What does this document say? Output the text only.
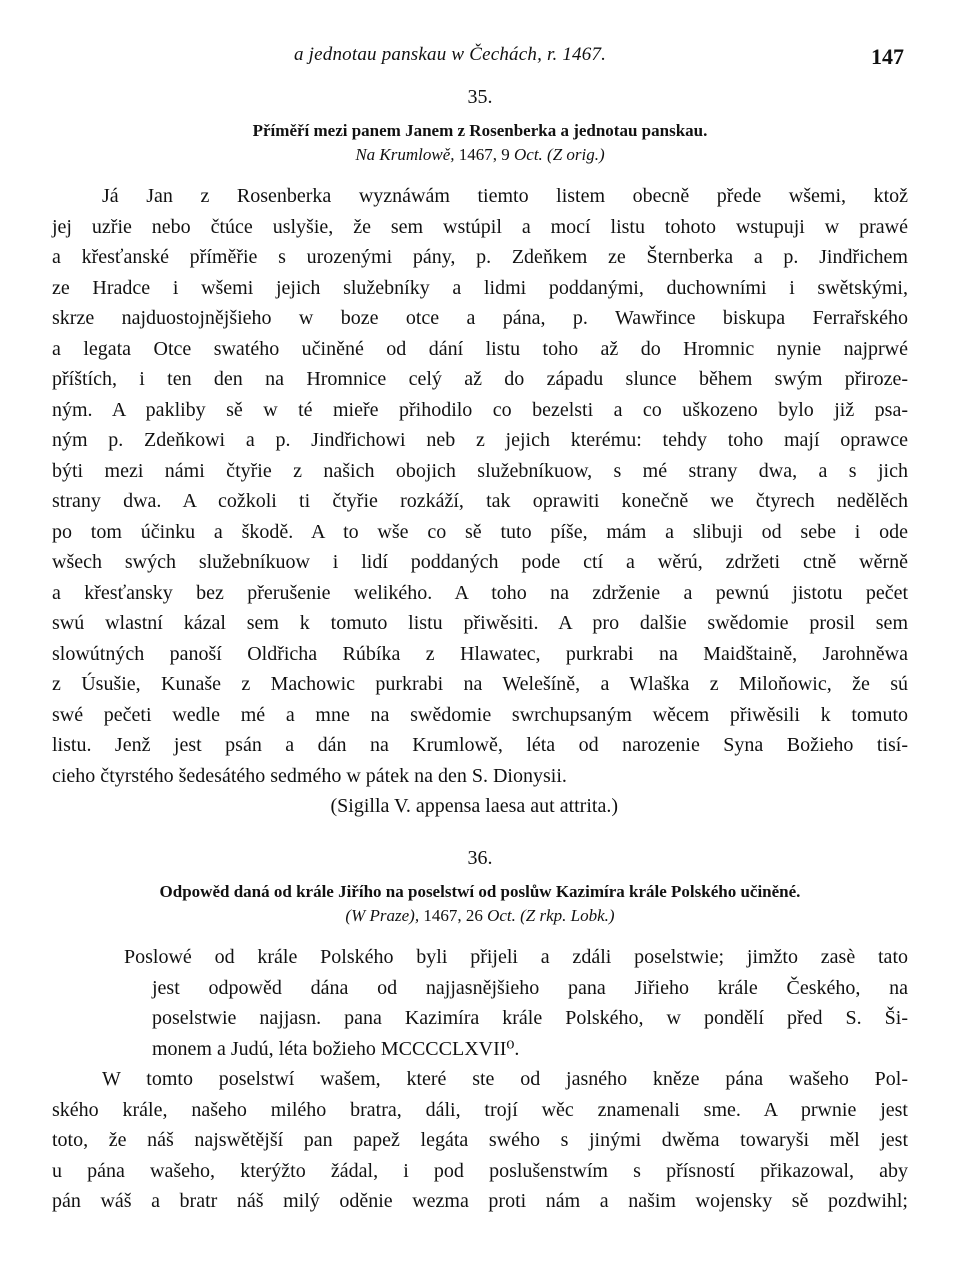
a jednotau panskau w Čechách, r. 1467.	147
35.
Příměří mezi panem Janem z Rosenberka a jednotau panskau.
Na Krumlowě, 1467, 9 Oct. (Z orig.)
Já Jan z Rosenberka wyznáwám tiemto listem obecně přede wšemi, ktož
jej uzřie nebo čtúce uslyšie, že sem wstúpil a mocí listu tohoto wstupuji w prawé
a křesťanské příměřie s urozenými pány, p. Zdeňkem ze Šternberka a p. Jindřichem
ze Hradce i wšemi jejich služebníky a lidmi poddanými, duchowními i swětskými,
skrze najduostojnějšieho w boze otce a pána, p. Wawřince biskupa Ferrařského
a legata Otce swatého učiněné od dání listu toho až do Hromnic nynie najprwé
příštích, i ten den na Hromnice celý až do západu slunce během swým přiroze-
ným. A pakliby sě w té mieře přihodilo co bezelsti a co uškozeno bylo již psa-
ným p. Zdeňkowi a p. Jindřichowi neb z jejich kterému: tehdy toho mají oprawce
býti mezi námi čtyřie z našich obojich služebníkuow, s mé strany dwa, a s jich
strany dwa. A cožkoli ti čtyřie rozkáží, tak oprawiti konečně we čtyrech nedělěch
po tom účinku a škodě. A to wše co sě tuto píše, mám a slibuji od sebe i ode
wšech swých služebníkuow i lidí poddaných pode ctí a wěrú, zdržeti ctně wěrně
a křesťansky bez přerušenie welikého. A toho na zdrženie a pewnú jistotu pečet
swú wlastní kázal sem k tomuto listu přiwěsiti. A pro dalšie swědomie prosil sem
slowútných panoší Oldřicha Rúbíka z Hlawatec, purkrabi na Maidštaině, Jarohněwa
z Úsušie, Kunaše z Machowic purkrabi na Welešíně, a Wlaška z Miloňowic, že sú
swé pečeti wedle mé a mne na swědomie swrchupsaným wěcem přiwěsili k tomuto
listu. Jenž jest psán a dán na Krumlowě, léta od narozenie Syna Božieho tisí-
cieho čtyrstého šedesátého sedmého w pátek na den S. Dionysii.
(Sigilla V. appensa laesa aut attrita.)
36.
Odpowěd daná od krále Jiřího na poselstwí od poslůw Kazimíra krále Polského učiněné.
(W Praze), 1467, 26 Oct. (Z rkp. Lobk.)
Poslowé od krále Polského byli přijeli a zdáli poselstwie; jimžto zasè tato
jest odpowěd dána od najjasnějšieho pana Jiřieho krále Českého, na
poselstwie najjasn. pana Kazimíra krále Polského, w pondělí před S. Ši-
monem a Judú, léta božieho MCCCCLXVII⁰.
W tomto poselstwí wašem, které ste od jasného kněze pána wašeho Pol-
ského krále, našeho milého bratra, dáli, trojí wěc znamenali sme. A prwnie jest
toto, že náš najswětější pan papež legáta swého s jinými dwěma towaryši měl jest
u pána wašeho, kterýžto žádal, i pod poslušenstwím s přísností přikazowal, aby
pán wáš a bratr náš milý oděnie wezma proti nám a našim wojensky sě pozdwihl;
